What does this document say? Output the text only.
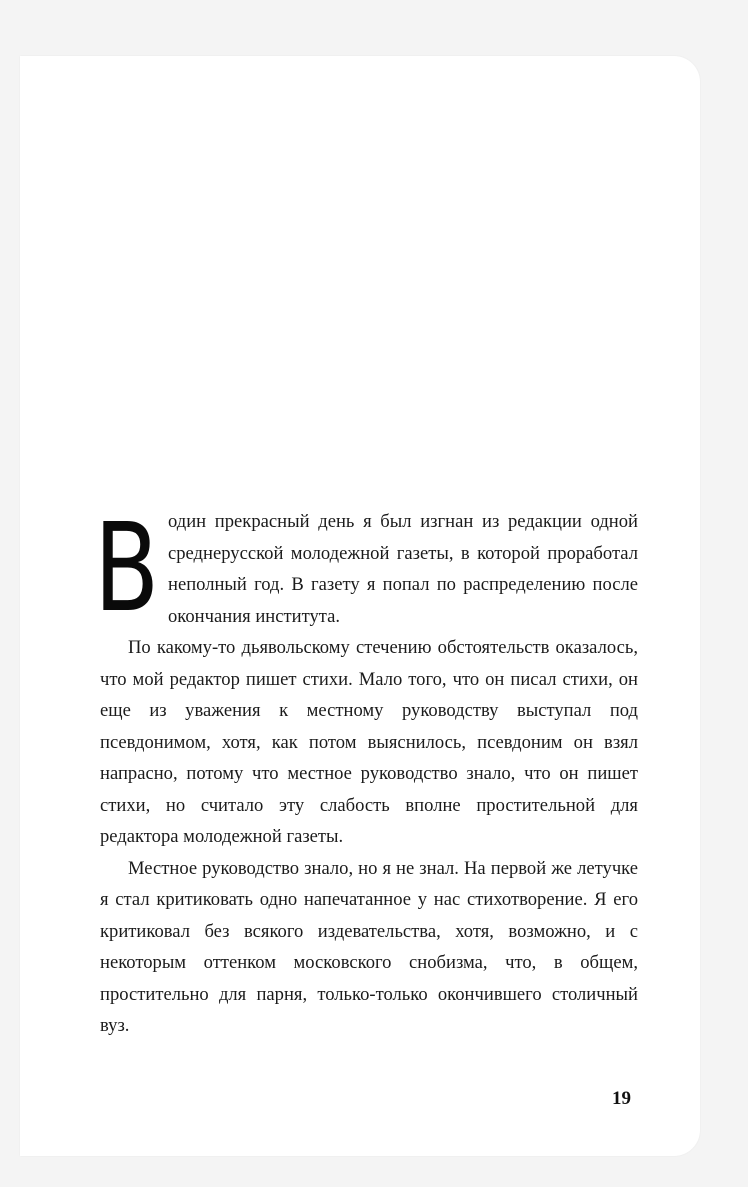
Водин прекрасный день я был изгнан из редакции одной среднерусской молодежной газеты, в которой проработал неполный год. В газету я попал по распределению после окончания института.

По какому-то дьявольскому стечению обстоятельств оказалось, что мой редактор пишет стихи. Мало того, что он писал стихи, он еще из уважения к местному руководству выступал под псевдонимом, хотя, как потом выяснилось, псевдоним он взял напрасно, потому что местное руководство знало, что он пишет стихи, но считало эту слабость вполне простительной для редактора молодежной газеты.

Местное руководство знало, но я не знал. На первой же летучке я стал критиковать одно напечатанное у нас стихотворение. Я его критиковал без всякого издевательства, хотя, возможно, и с некоторым оттенком московского снобизма, что, в общем, простительно для парня, только-только окончившего столичный вуз.

19
